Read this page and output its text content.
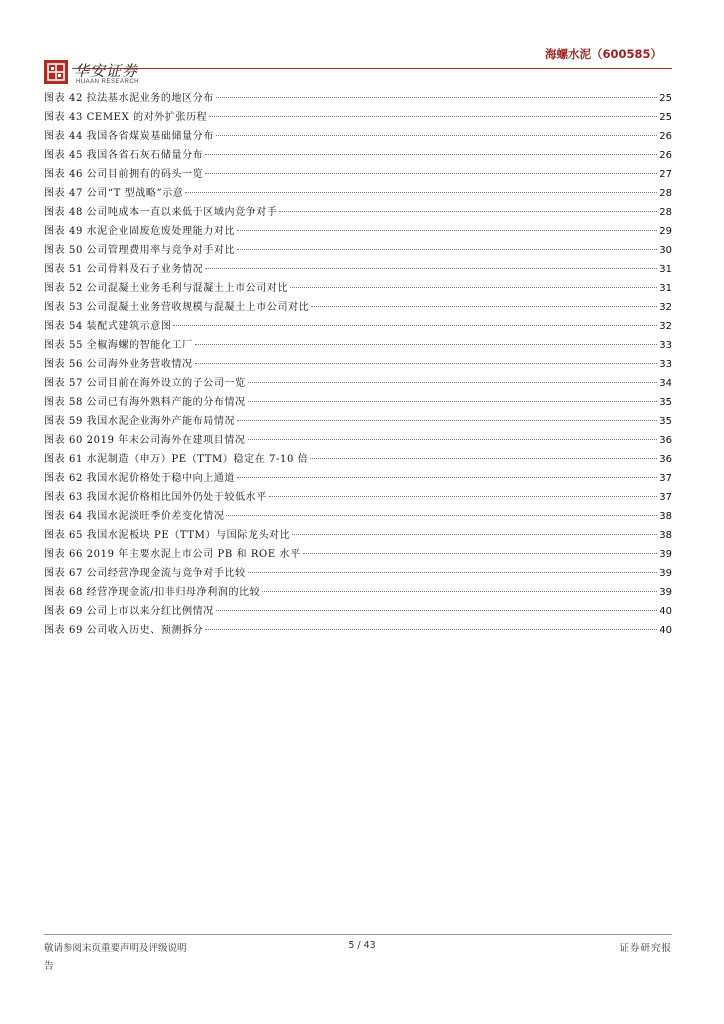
华安证券
HUAAN RESEARCH
海螺水泥（600585）
图表 42 拉法基水泥业务的地区分布	25
图表 43 CEMEX 的对外扩张历程	25
图表 44 我国各省煤炭基础储量分布	26
图表 45 我国各省石灰石储量分布	26
图表 46 公司目前拥有的码头一览	27
图表 47 公司“T 型战略”示意	28
图表 48 公司吨成本一直以来低于区域内竞争对手	28
图表 49 水泥企业固废危废处理能力对比	29
图表 50 公司管理费用率与竞争对手对比	30
图表 51 公司骨料及石子业务情况	31
图表 52 公司混凝土业务毛利与混凝土上市公司对比	31
图表 53 公司混凝土业务营收规模与混凝土上市公司对比	32
图表 54 装配式建筑示意图	32
图表 55 全椒海螺的智能化工厂	33
图表 56 公司海外业务营收情况	33
图表 57 公司目前在海外设立的子公司一览	34
图表 58 公司已有海外熟料产能的分布情况	35
图表 59 我国水泥企业海外产能布局情况	35
图表 60 2019 年末公司海外在建项目情况	36
图表 61 水泥制造（申万）PE（TTM）稳定在 7-10 倍	36
图表 62 我国水泥价格处于稳中向上通道	37
图表 63 我国水泥价格相比国外仍处于较低水平	37
图表 64 我国水泥淡旺季价差变化情况	38
图表 65 我国水泥板块 PE（TTM）与国际龙头对比	38
图表 66 2019 年主要水泥上市公司 PB 和 ROE 水平	39
图表 67 公司经营净现金流与竞争对手比较	39
图表 68 经营净现金流/扣非归母净利润的比较	39
图表 69 公司上市以来分红比例情况	40
图表 69 公司收入历史、预测拆分	40
敬请参阅末页重要声明及评级说明
告
5 / 43	证券研究报
